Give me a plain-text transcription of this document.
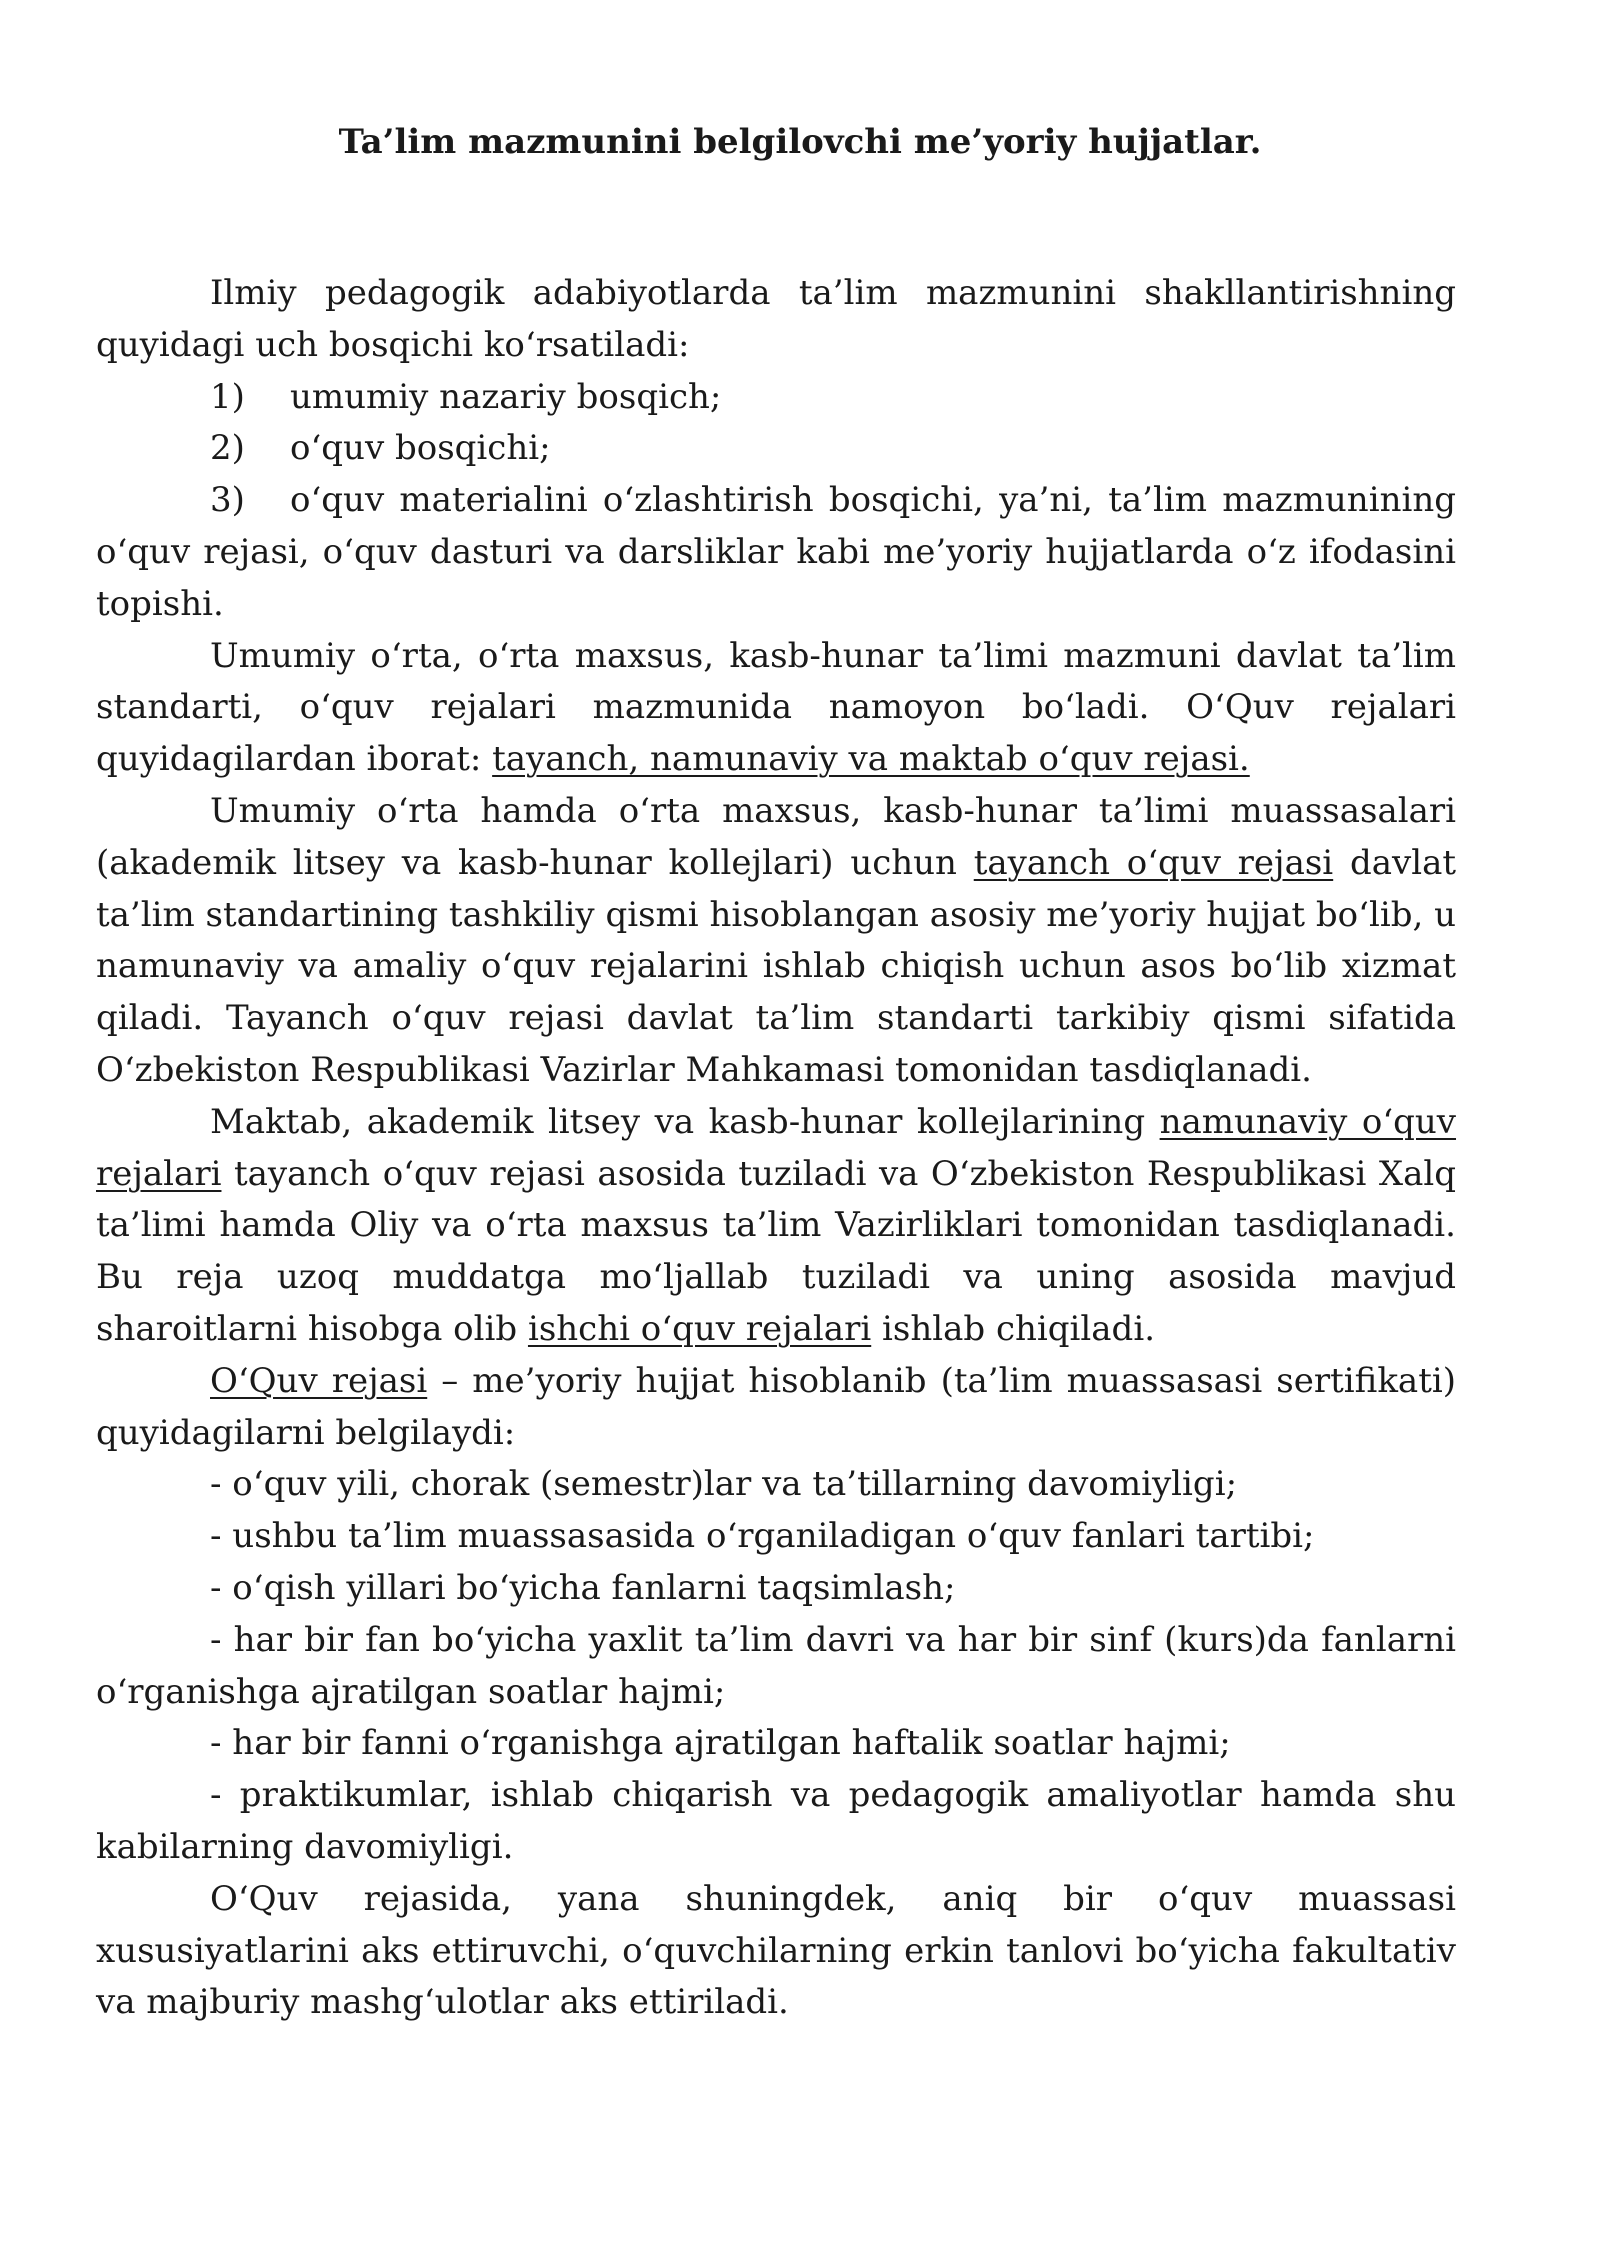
Ta’lim mazmunini belgilovchi me’yoriy hujjatlar.

Ilmiy pedagogik adabiyotlarda ta’lim mazmunini shakllantirishning quyidagi uch bosqichi ko‘rsatiladi:

1) umumiy nazariy bosqich;

2) o‘quv bosqichi;

3) o‘quv materialini o‘zlashtirish bosqichi, ya’ni, ta’lim mazmunining o‘quv rejasi, o‘quv dasturi va darsliklar kabi me’yoriy hujjatlarda o‘z ifodasini topishi.

Umumiy o‘rta, o‘rta maxsus, kasb-hunar ta’limi mazmuni davlat ta’lim standarti, o‘quv rejalari mazmunida namoyon bo‘ladi. O‘Quv rejalari quyidagilardan iborat: tayanch, namunaviy va maktab o‘quv rejasi.

Umumiy o‘rta hamda o‘rta maxsus, kasb-hunar ta’limi muassasalari (akademik litsey va kasb-hunar kollejlari) uchun tayanch o‘quv rejasi davlat ta’lim standartining tashkiliy qismi hisoblangan asosiy me’yoriy hujjat bo‘lib, u namunaviy va amaliy o‘quv rejalarini ishlab chiqish uchun asos bo‘lib xizmat qiladi. Tayanch o‘quv rejasi davlat ta’lim standarti tarkibiy qismi sifatida O‘zbekiston Respublikasi Vazirlar Mahkamasi tomonidan tasdiqlanadi.

Maktab, akademik litsey va kasb-hunar kollejlarining namunaviy o‘quv rejalari tayanch o‘quv rejasi asosida tuziladi va O‘zbekiston Respublikasi Xalq ta’limi hamda Oliy va o‘rta maxsus ta’lim Vazirliklari tomonidan tasdiqlanadi. Bu reja uzoq muddatga mo‘ljallab tuziladi va uning asosida mavjud sharoitlarni hisobga olib ishchi o‘quv rejalari ishlab chiqiladi.

O‘Quv rejasi – me’yoriy hujjat hisoblanib (ta’lim muassasasi sertifikati) quyidagilarni belgilaydi:

- o‘quv yili, chorak (semestr)lar va ta’tillarning davomiyligi;

- ushbu ta’lim muassasasida o‘rganiladigan o‘quv fanlari tartibi;

- o‘qish yillari bo‘yicha fanlarni taqsimlash;

- har bir fan bo‘yicha yaxlit ta’lim davri va har bir sinf (kurs)da fanlarni o‘rganishga ajratilgan soatlar hajmi;

- har bir fanni o‘rganishga ajratilgan haftalik soatlar hajmi;

- praktikumlar, ishlab chiqarish va pedagogik amaliyotlar hamda shu kabilarning davomiyligi.

O‘Quv rejasida, yana shuningdek, aniq bir o‘quv muassasi xususiyatlarini aks ettiruvchi, o‘quvchilarning erkin tanlovi bo‘yicha fakultativ va majburiy mashg‘ulotlar aks ettiriladi.
